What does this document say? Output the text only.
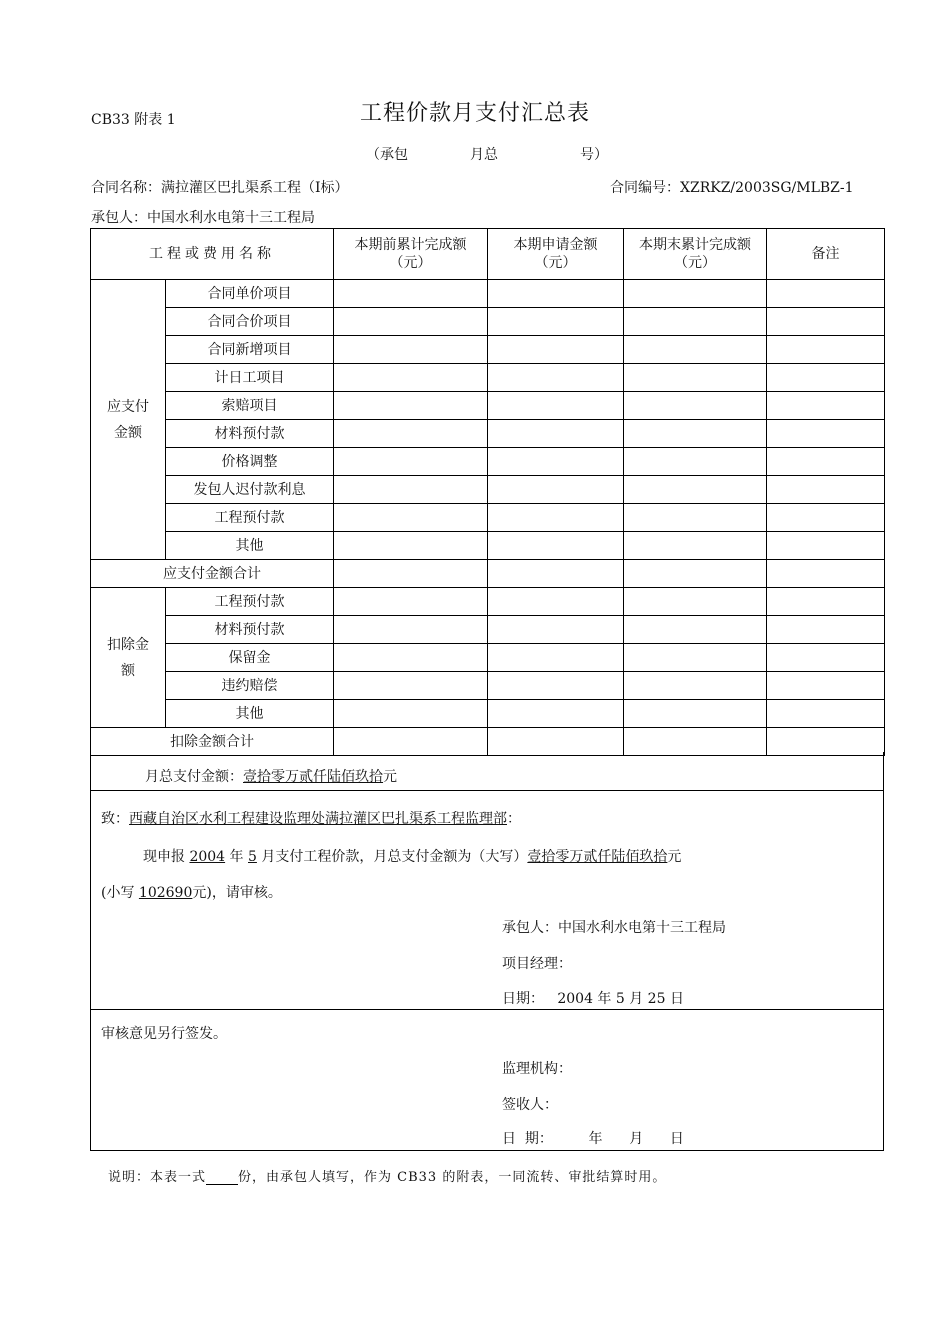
CB33 附表 1	工程价款月支付汇总表
（承包	月总	号）
合同名称：满拉灌区巴扎渠系工程（Ⅰ标）	合同编号：XZRKZ/2003SG/MLBZ-1
承包人：中国水利水电第十三工程局
工程或费用名称		本期前累计完成额（元）	本期申请金额（元）	本期末累计完成额（元）	备注
应支付金额	合同单价项目				
	合同合价项目				
	合同新增项目				
	计日工项目				
	索赔项目				
	材料预付款				
	价格调整				
	发包人迟付款利息				
	工程预付款				
	其他				
应支付金额合计					
扣除金额	工程预付款				
	材料预付款				
	保留金				
	违约赔偿				
	其他				
扣除金额合计					
月总支付金额：壹拾零万贰仟陆佰玖拾元
致：西藏自治区水利工程建设监理处满拉灌区巴扎渠系工程监理部：
现申报 2004 年 5 月支付工程价款，月总支付金额为（大写）壹拾零万贰仟陆佰玖拾元
(小写 102690元)，请审核。
承包人：中国水利水电第十三工程局
项目经理：
日期：   2004 年 5 月 25 日
审核意见另行签发。
监理机构：
签收人：
日  期：        年      月      日
说明：本表一式 份，由承包人填写，作为 CB33 的附表，一同流转、审批结算时用。
